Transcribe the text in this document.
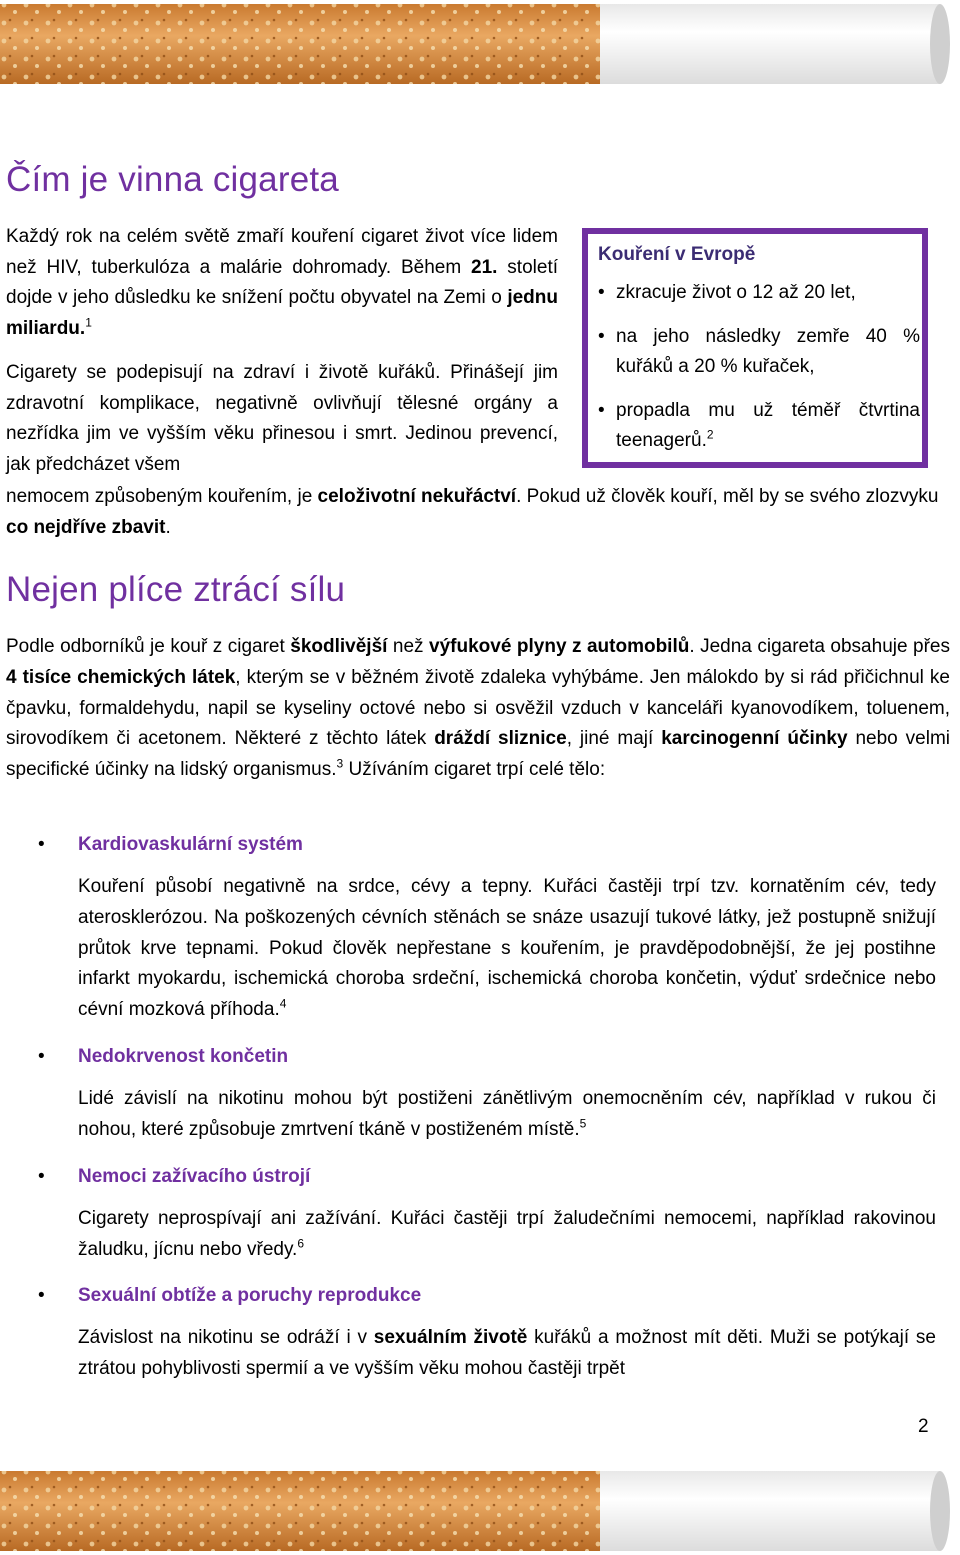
Čím je vinna cigareta

Každý rok na celém světě zmaří kouření cigaret život více lidem než HIV, tuberkulóza a malárie dohromady. Během 21. století dojde v jeho důsledku ke snížení počtu obyvatel na Zemi o jednu miliardu.$^1$

Cigarety se podepisují na zdraví i životě kuřáků. Přinášejí jim zdravotní komplikace, negativně ovlivňují tělesné orgány a nezřídka jim ve vyšším věku přinesou i smrt. Jedinou prevencí, jak předcházet všem

nemocem způsobeným kouřením, je celoživotní nekuřáctví. Pokud už člověk kouří, měl by se svého zlozvyku co nejdříve zbavit.
Kouření v Evropě
• zkracuje život o 12 až 20 let,
• na jeho následky zemře 40 % kuřáků a 20 % kuřaček,
• propadla mu už téměř čtvrtina teenagerů.$^2$
Nejen plíce ztrácí sílu

Podle odborníků je kouř z cigaret škodlivější než výfukové plyny z automobilů. Jedna cigareta obsahuje přes 4 tisíce chemických látek, kterým se v běžném životě zdaleka vyhýbáme. Jen málokdo by si rád přičichnul ke čpavku, formaldehydu, napil se kyseliny octové nebo si osvěžil vzduch v kanceláři kyanovodíkem, toluenem, sirovodíkem či acetonem. Některé z těchto látek dráždí sliznice, jiné mají karcinogenní účinky nebo velmi specifické účinky na lidský organismus.$^3$ Užíváním cigaret trpí celé tělo:

• Kardiovaskulární systém

Kouření působí negativně na srdce, cévy a tepny. Kuřáci častěji trpí tzv. kornatěním cév, tedy aterosklerózou. Na poškozených cévních stěnách se snáze usazují tukové látky, jež postupně snižují průtok krve tepnami. Pokud člověk nepřestane s kouřením, je pravděpodobnější, že jej postihne infarkt myokardu, ischemická choroba srdeční, ischemická choroba končetin, výduť srdečnice nebo cévní mozková příhoda.$^4$

• Nedokrvenost končetin

Lidé závislí na nikotinu mohou být postiženi zánětlivým onemocněním cév, například v rukou či nohou, které způsobuje zmrtvení tkáně v postiženém místě.$^5$

• Nemoci zažívacího ústrojí

Cigarety neprospívají ani zažívání. Kuřáci častěji trpí žaludečními nemocemi, například rakovinou žaludku, jícnu nebo vředy.$^6$

• Sexuální obtíže a poruchy reprodukce

Závislost na nikotinu se odráží i v sexuálním životě kuřáků a možnost mít děti. Muži se potýkají se ztrátou pohyblivosti spermií a ve vyšším věku mohou častěji trpět

2
